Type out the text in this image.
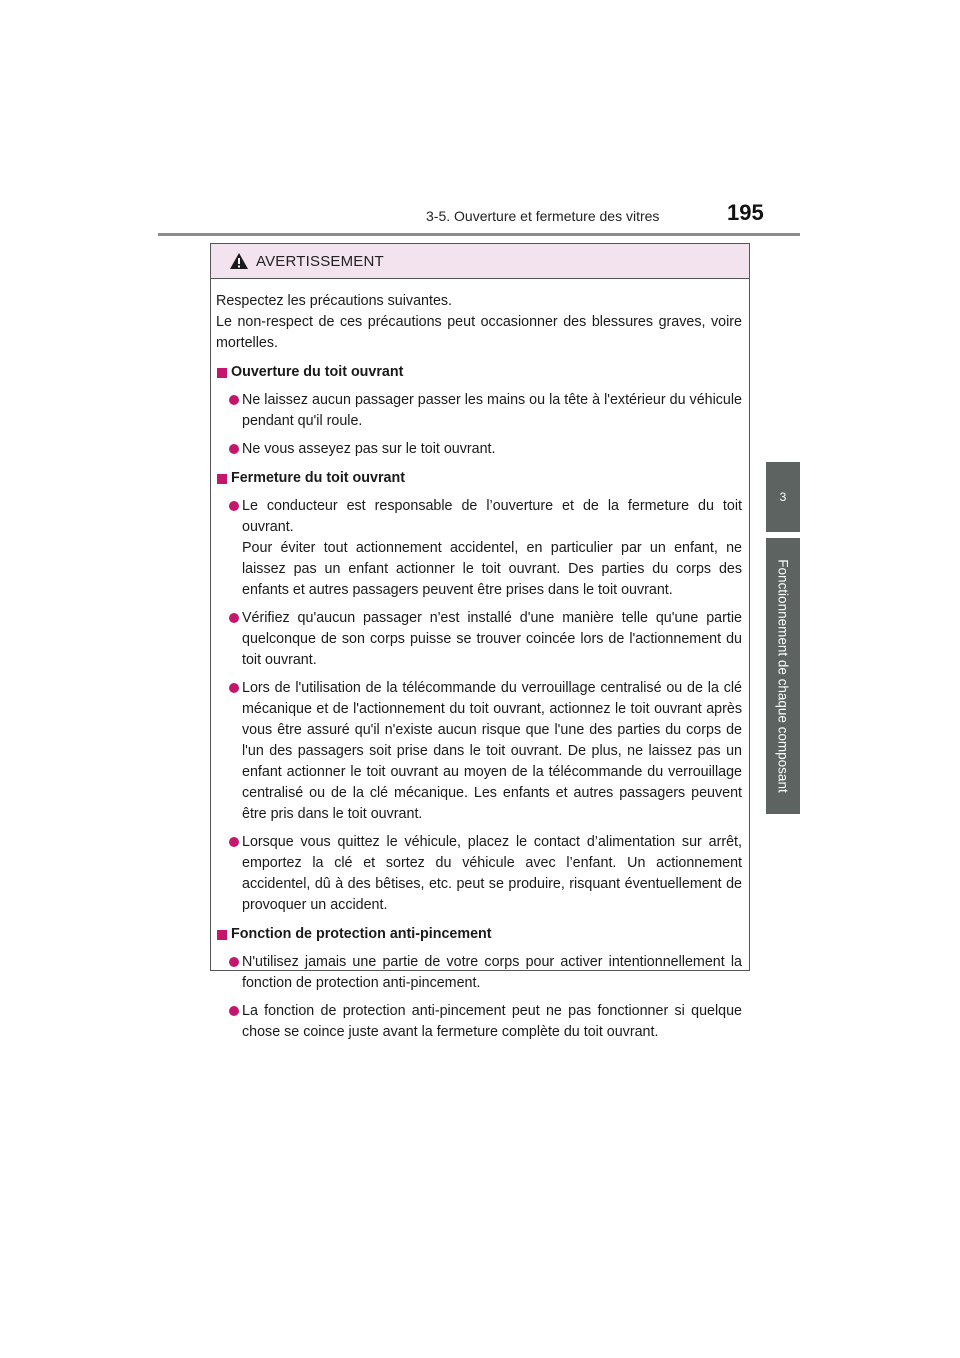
3-5. Ouverture et fermeture des vitres	195
3
Fonctionnement de chaque composant
AVERTISSEMENT

Respectez les précautions suivantes.

Le non-respect de ces précautions peut occasionner des blessures graves, voire mortelles.

Ouverture du toit ouvrant

Ne laissez aucun passager passer les mains ou la tête à l'extérieur du véhicule pendant qu'il roule.

Ne vous asseyez pas sur le toit ouvrant.

Fermeture du toit ouvrant

Le conducteur est responsable de l’ouverture et de la fermeture du toit ouvrant.

Pour éviter tout actionnement accidentel, en particulier par un enfant, ne laissez pas un enfant actionner le toit ouvrant. Des parties du corps des enfants et autres passagers peuvent être prises dans le toit ouvrant.

Vérifiez qu'aucun passager n'est installé d'une manière telle qu'une partie quelconque de son corps puisse se trouver coincée lors de l'actionnement du toit ouvrant.

Lors de l'utilisation de la télécommande du verrouillage centralisé ou de la clé mécanique et de l'actionnement du toit ouvrant, actionnez le toit ouvrant après vous être assuré qu'il n'existe aucun risque que l'une des parties du corps de l'un des passagers soit prise dans le toit ouvrant. De plus, ne laissez pas un enfant actionner le toit ouvrant au moyen de la télécommande du verrouillage centralisé ou de la clé mécanique. Les enfants et autres passagers peuvent être pris dans le toit ouvrant.

Lorsque vous quittez le véhicule, placez le contact d’alimentation sur arrêt, emportez la clé et sortez du véhicule avec l’enfant. Un actionnement accidentel, dû à des bêtises, etc. peut se produire, risquant éventuellement de provoquer un accident.

Fonction de protection anti-pincement

N'utilisez jamais une partie de votre corps pour activer intentionnellement la fonction de protection anti-pincement.

La fonction de protection anti-pincement peut ne pas fonctionner si quelque chose se coince juste avant la fermeture complète du toit ouvrant.
